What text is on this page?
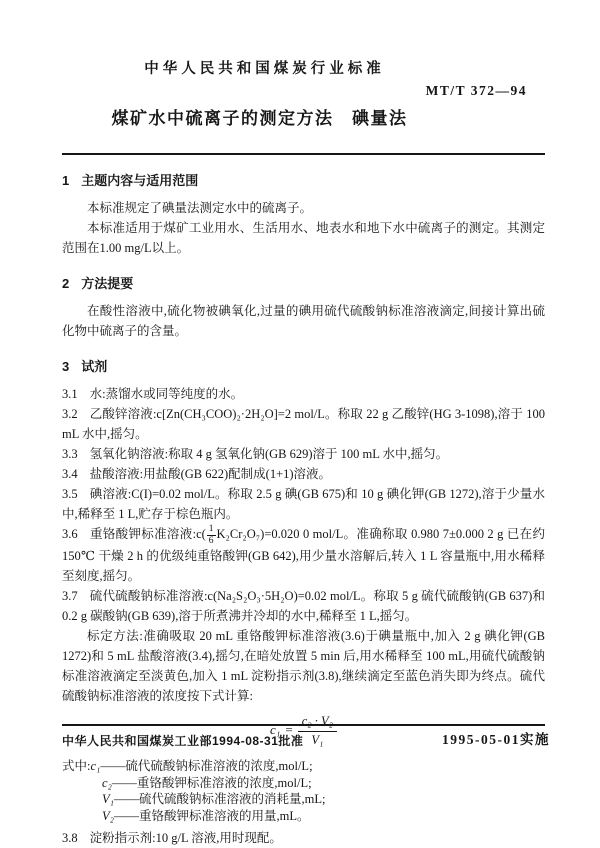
中华人民共和国煤炭行业标准
MT/T 372—94
煤矿水中硫离子的测定方法　碘量法
1 主题内容与适用范围

本标准规定了碘量法测定水中的硫离子。

本标准适用于煤矿工业用水、生活用水、地表水和地下水中硫离子的测定。其测定范围在1.00 mg/L以上。

2 方法提要

在酸性溶液中,硫化物被碘氧化,过量的碘用硫代硫酸钠标准溶液滴定,间接计算出硫化物中硫离子的含量。

3 试剂

3.1 水:蒸馏水或同等纯度的水。

3.2 乙酸锌溶液:c[Zn(CH₃COO)₂·2H₂O]=2 mol/L。称取 22 g 乙酸锌(HG 3-1098),溶于 100 mL 水中,摇匀。

3.3 氢氧化钠溶液:称取 4 g 氢氧化钠(GB 629)溶于 100 mL 水中,摇匀。

3.4 盐酸溶液:用盐酸(GB 622)配制成(1+1)溶液。

3.5 碘溶液:C(I)=0.02 mol/L。称取 2.5 g 碘(GB 675)和 10 g 碘化钾(GB 1272),溶于少量水中,稀释至 1 L,贮存于棕色瓶内。

3.6 重铬酸钾标准溶液:c( $\frac{1}{6} K_2Cr_2O_7)=0.020$ 0 mol/L。准确称取 0.980 7±0.000 2 g 已在约 150℃ 干燥 2 h 的优级纯重铬酸钾(GB 642),用少量水溶解后,转入 1 L 容量瓶中,用水稀释至刻度,摇匀。

3.7 硫代硫酸钠标准溶液:c(Na₂S₂O₃·5H₂O)=0.02 mol/L。称取 5 g 硫代硫酸钠(GB 637)和 0.2 g 碳酸钠(GB 639),溶于所煮沸并冷却的水中,稀释至 1 L,摇匀。

标定方法:准确吸取 20 mL 重铬酸钾标准溶液(3.6)于碘量瓶中,加入 2 g 碘化钾(GB 1272)和 5 mL 盐酸溶液(3.4),摇匀,在暗处放置 5 min 后,用水稀释至 100 mL,用硫代硫酸钠标准溶液滴定至淡黄色,加入 1 mL 淀粉指示剂(3.8),继续滴定至蓝色消失即为终点。硫代硫酸钠标准溶液的浓度按下式计算:

$c_1 = \frac{\text{c₂ · V₂}}{\text{V₁}}$

式中:c₁——硫代硫酸钠标准溶液的浓度,mol/L;

c₂——重铬酸钾标准溶液的浓度,mol/L;

V₁——硫代硫酸钠标准溶液的消耗量,mL;

V₂——重铬酸钾标准溶液的用量,mL。

3.8 淀粉指示剂:10 g/L 溶液,用时现配。

中华人民共和国煤炭工业部1994-08-31批准	1995-05-01实施
